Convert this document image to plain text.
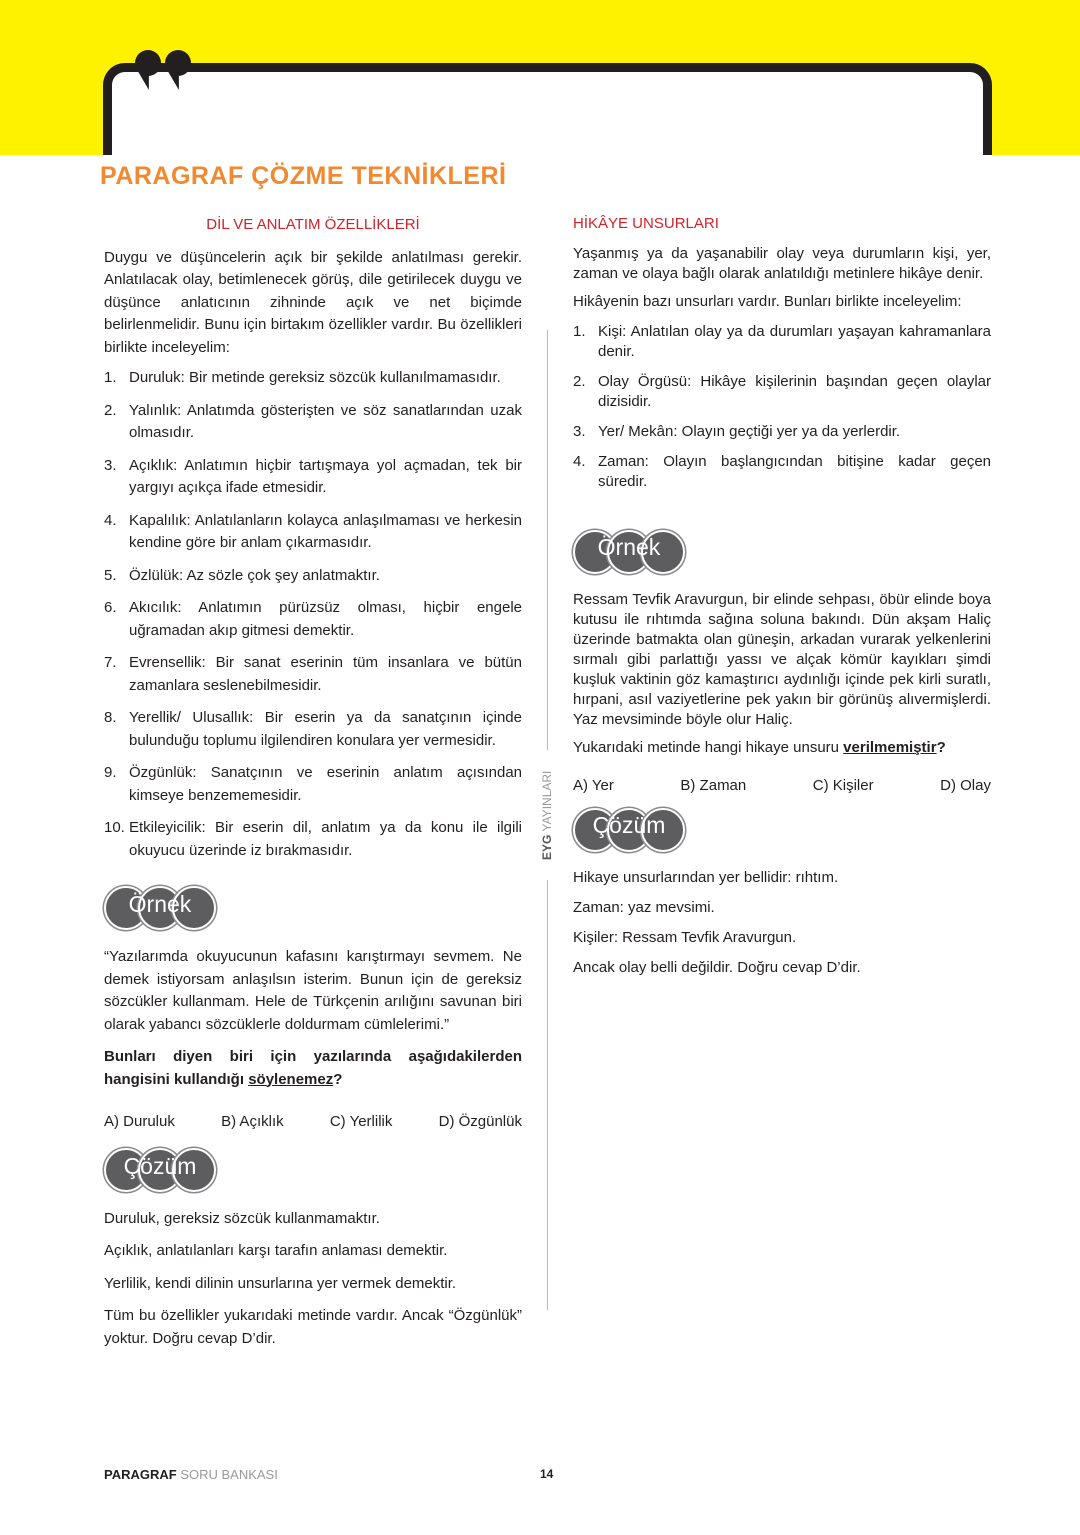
PARAGRAF ÇÖZME TEKNİKLERİ
DİL VE ANLATIM ÖZELLİKLERİ

Duygu ve düşüncelerin açık bir şekilde anlatılması gerekir. Anlatılacak olay, betimlenecek görüş, dile getirilecek duygu ve düşünce anlatıcının zihninde açık ve net biçimde belirlenmelidir. Bunu için birtakım özellikler vardır. Bu özellikleri birlikte inceleyelim:

1. Duruluk: Bir metinde gereksiz sözcük kullanılmamasıdır.
2. Yalınlık: Anlatımda gösterişten ve söz sanatlarından uzak olmasıdır.
3. Açıklık: Anlatımın hiçbir tartışmaya yol açmadan, tek bir yargıyı açıkça ifade etmesidir.
4. Kapalılık: Anlatılanların kolayca anlaşılmaması ve herkesin kendine göre bir anlam çıkarmasıdır.
5. Özlülük: Az sözle çok şey anlatmaktır.
6. Akıcılık: Anlatımın pürüzsüz olması, hiçbir engele uğramadan akıp gitmesi demektir.
7. Evrensellik: Bir sanat eserinin tüm insanlara ve bütün zamanlara seslenebilmesidir.
8. Yerellik/ Ulusallık: Bir eserin ya da sanatçının içinde bulunduğu toplumu ilgilendiren konulara yer vermesidir.
9. Özgünlük: Sanatçının ve eserinin anlatım açısından kimseye benzememesidir.
10. Etkileyicilik: Bir eserin dil, anlatım ya da konu ile ilgili okuyucu üzerinde iz bırakmasıdır.
Örnek

“Yazılarımda okuyucunun kafasını karıştırmayı sevmem. Ne demek istiyorsam anlaşılsın isterim. Bunun için de gereksiz sözcükler kullanmam. Hele de Türkçenin arılığını savunan biri olarak yabancı sözcüklerle doldurmam cümlelerimi.”

Bunları diyen biri için yazılarında aşağıdakilerden hangisini kullandığı söylenemez?

A) Duruluk	B) Açıklık	C) Yerlilik	D) Özgünlük
Çözüm

Duruluk, gereksiz sözcük kullanmamaktır.

Açıklık, anlatılanları karşı tarafın anlaması demektir.

Yerlilik, kendi dilinin unsurlarına yer vermek demektir.

Tüm bu özellikler yukarıdaki metinde vardır. Ancak “Özgünlük” yoktur. Doğru cevap D’dir.

EYG YAYINLARI
HİKÂYE UNSURLARI

Yaşanmış ya da yaşanabilir olay veya durumların kişi, yer, zaman ve olaya bağlı olarak anlatıldığı metinlere hikâye denir.

Hikâyenin bazı unsurları vardır. Bunları birlikte inceleyelim:

1. Kişi: Anlatılan olay ya da durumları yaşayan kahramanlara denir.
2. Olay Örgüsü: Hikâye kişilerinin başından geçen olaylar dizisidir.
3. Yer/ Mekân: Olayın geçtiği yer ya da yerlerdir.
4. Zaman: Olayın başlangıcından bitişine kadar geçen süredir.
Örnek

Ressam Tevfik Aravurgun, bir elinde sehpası, öbür elinde boya kutusu ile rıhtımda sağına soluna bakındı. Dün akşam Haliç üzerinde batmakta olan güneşin, arkadan vurarak yelkenlerini sırmalı gibi parlattığı yassı ve alçak kömür kayıkları şimdi kuşluk vaktinin göz kamaştırıcı aydınlığı içinde pek kirli suratlı, hırpani, asıl vaziyetlerine pek yakın bir görünüş alıvermişlerdi. Yaz mevsiminde böyle olur Haliç.

Yukarıdaki metinde hangi hikaye unsuru verilmemiştir?

A) Yer	B) Zaman	C) Kişiler	D) Olay
Çözüm

Hikaye unsurlarından yer bellidir: rıhtım.

Zaman: yaz mevsimi.

Kişiler: Ressam Tevfik Aravurgun.

Ancak olay belli değildir. Doğru cevap D’dir.

PARAGRAF SORU BANKASI	14
